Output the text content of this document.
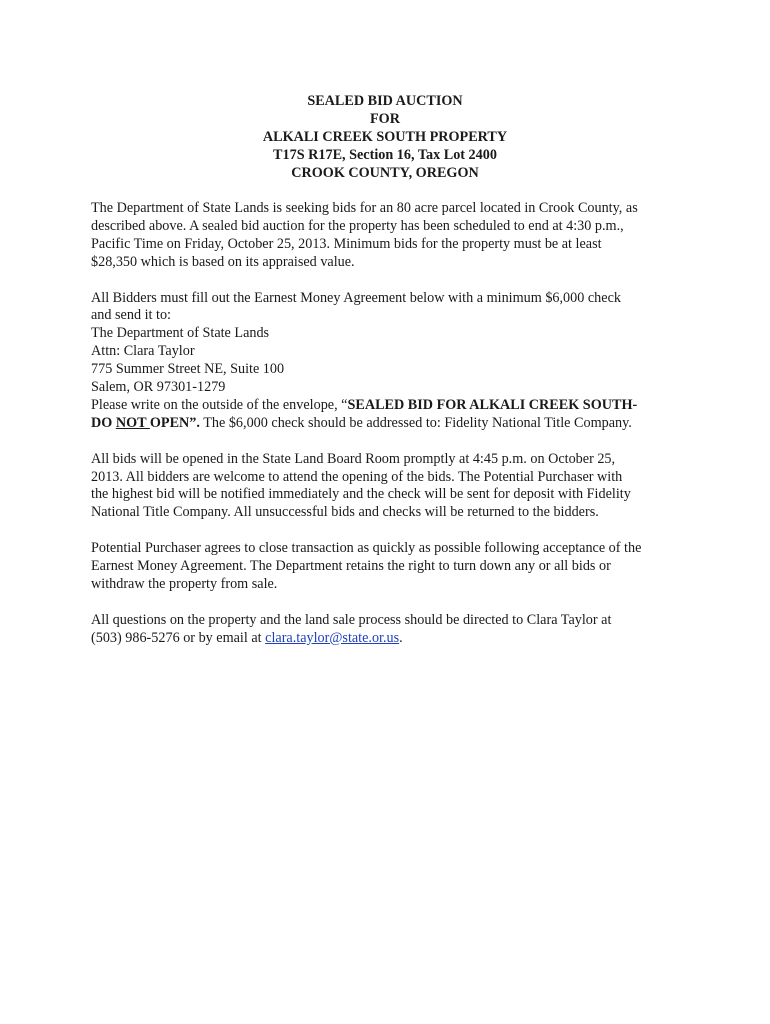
SEALED BID AUCTION
FOR
ALKALI CREEK SOUTH PROPERTY
T17S R17E, Section 16, Tax Lot 2400
CROOK COUNTY, OREGON
The Department of State Lands is seeking bids for an 80 acre parcel located in Crook County, as
described above. A sealed bid auction for the property has been scheduled to end at 4:30 p.m.,
Pacific Time on Friday, October 25, 2013. Minimum bids for the property must be at least
$28,350 which is based on its appraised value.
All Bidders must fill out the Earnest Money Agreement below with a minimum $6,000 check
and send it to:
The Department of State Lands
Attn: Clara Taylor
775 Summer Street NE, Suite 100
Salem, OR 97301-1279
Please write on the outside of the envelope, “SEALED BID FOR ALKALI CREEK SOUTH-
DO NOT OPEN”. The $6,000 check should be addressed to: Fidelity National Title Company.
All bids will be opened in the State Land Board Room promptly at 4:45 p.m. on October 25,
2013. All bidders are welcome to attend the opening of the bids. The Potential Purchaser with
the highest bid will be notified immediately and the check will be sent for deposit with Fidelity
National Title Company. All unsuccessful bids and checks will be returned to the bidders.
Potential Purchaser agrees to close transaction as quickly as possible following acceptance of the
Earnest Money Agreement. The Department retains the right to turn down any or all bids or
withdraw the property from sale.
All questions on the property and the land sale process should be directed to Clara Taylor at
(503) 986-5276 or by email at clara.taylor@state.or.us.
